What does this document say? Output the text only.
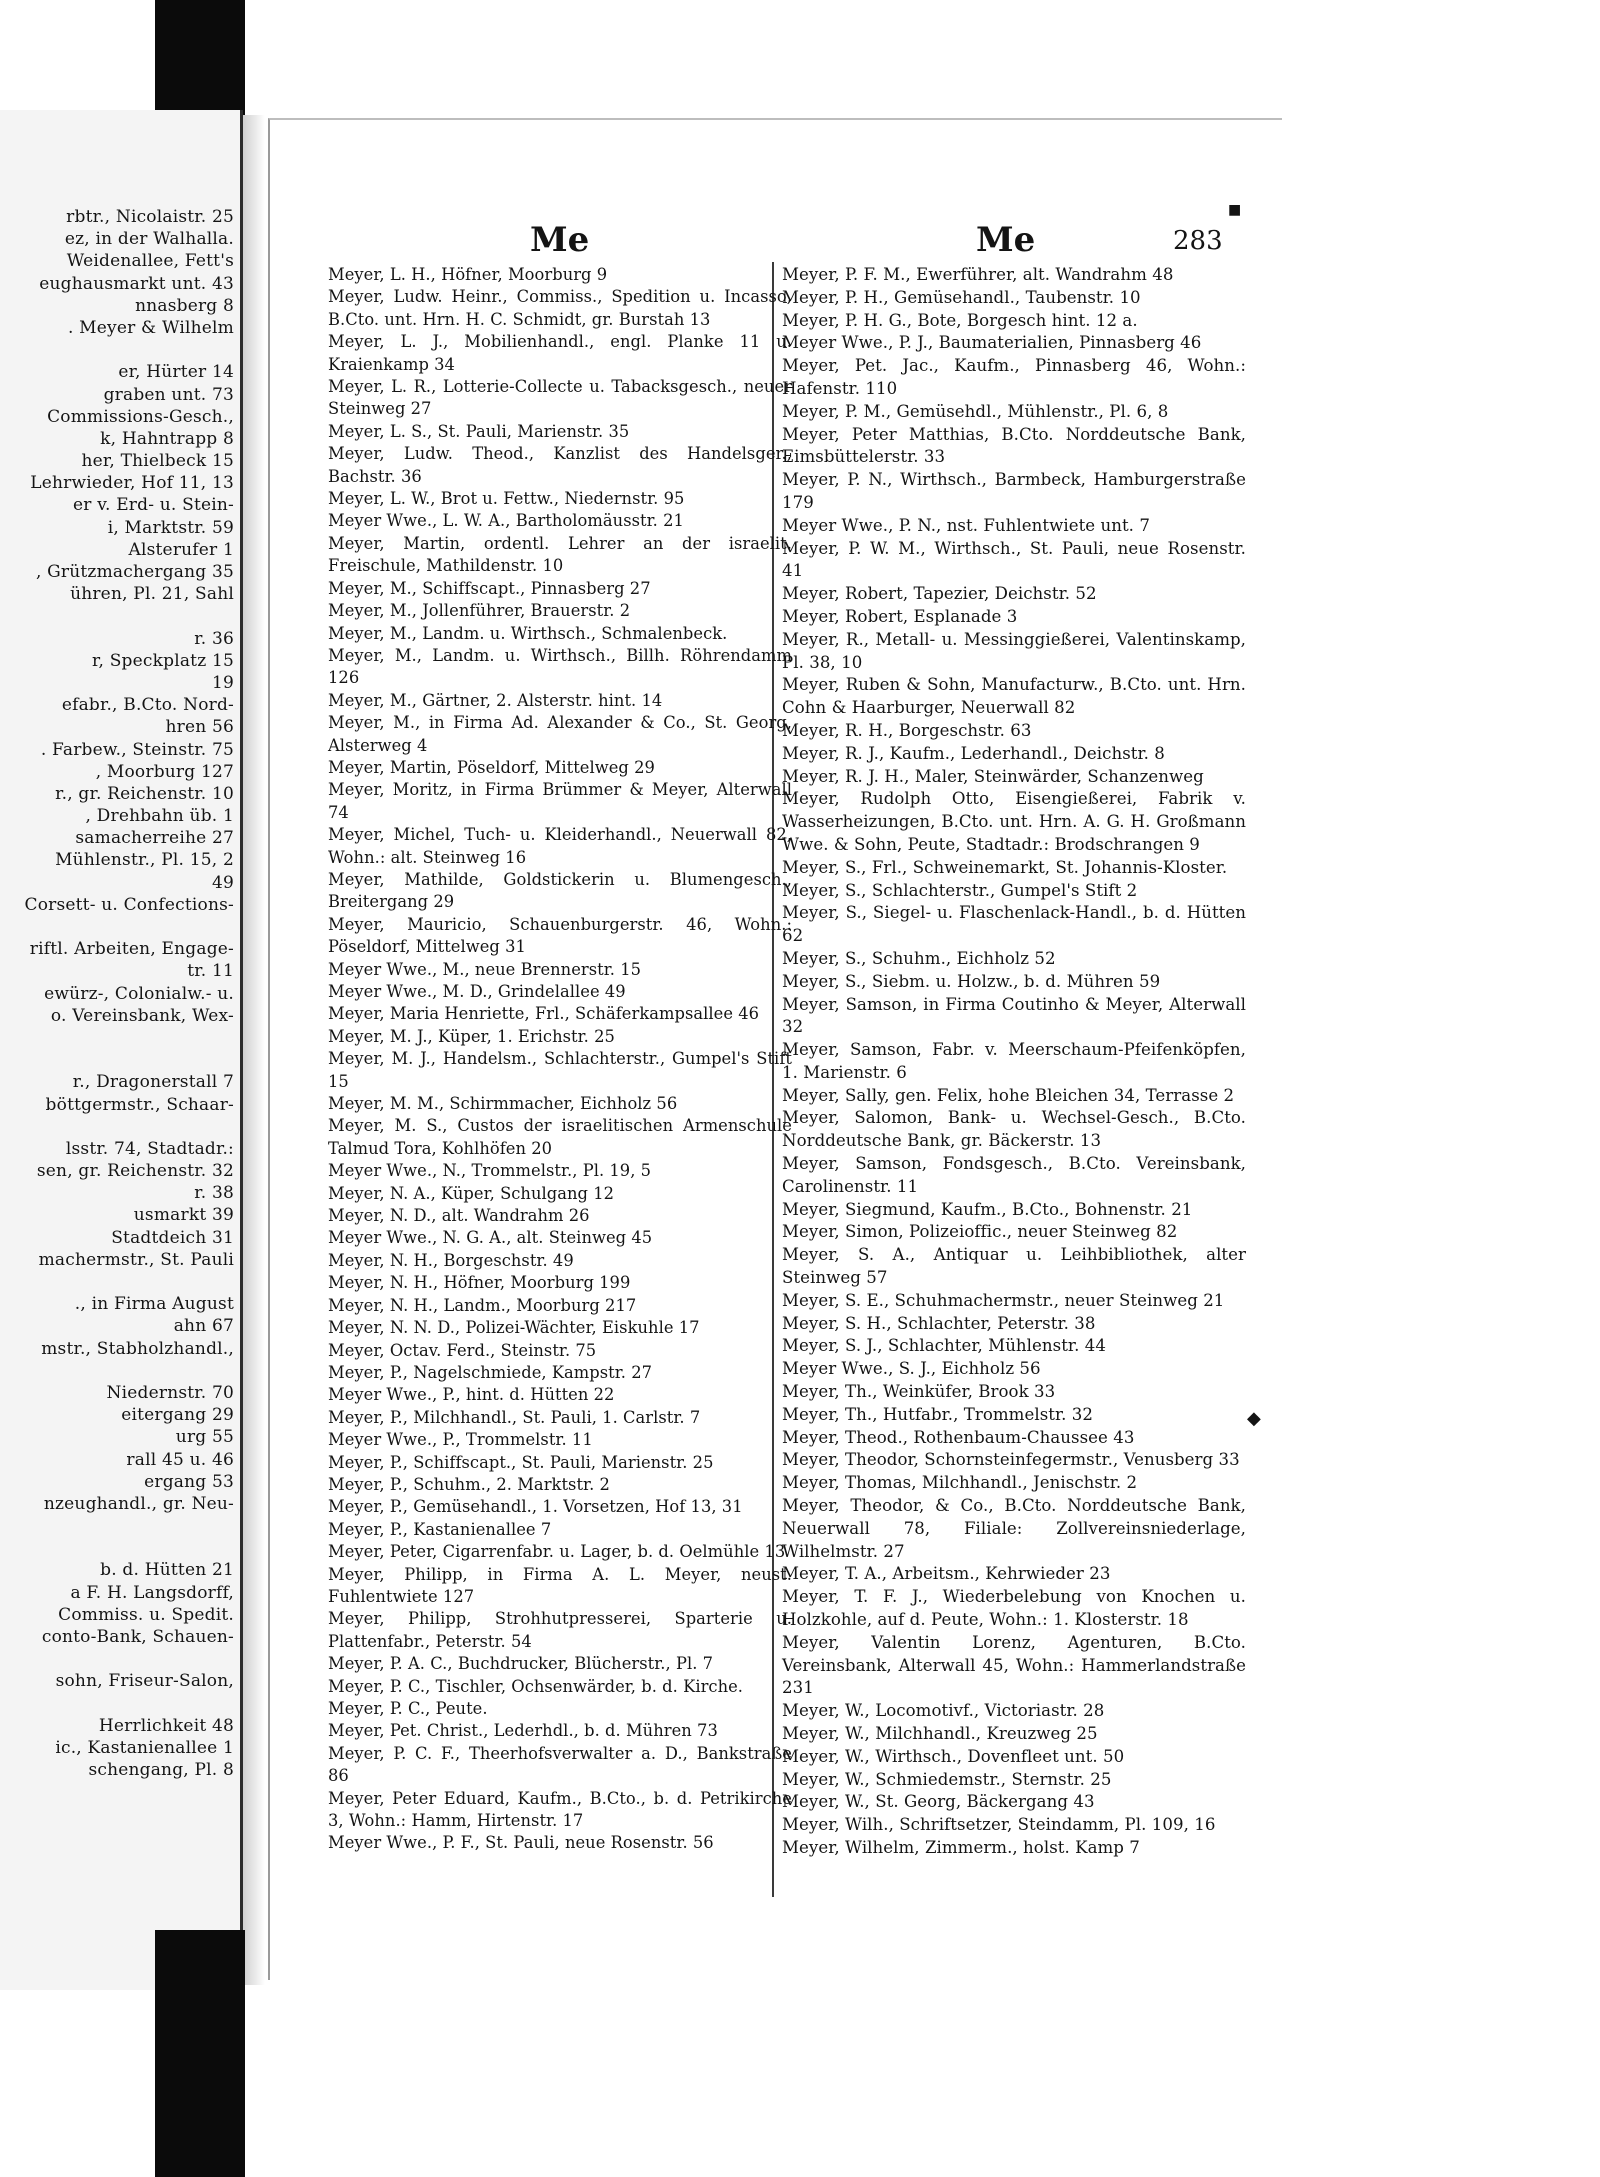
rbtr., Nicolaistr. 25
ez, in der Walhalla.
Weidenallee, Fett's
eughausmarkt unt. 43
nnasberg 8
. Meyer & Wilhelm

er, Hürter 14
graben unt. 73
Commissions-Gesch.,
k, Hahntrapp 8
her, Thielbeck 15
Lehrwieder, Hof 11, 13
er v. Erd- u. Stein-
i, Marktstr. 59
Alsterufer 1
, Grützmachergang 35
ühren, Pl. 21, Sahl

r. 36
r, Speckplatz 15
19
efabr., B.Cto. Nord-
hren 56
. Farbew., Steinstr. 75
, Moorburg 127
r., gr. Reichenstr. 10
, Drehbahn üb. 1
samacherreihe 27
Mühlenstr., Pl. 15, 2
49
Corsett- u. Confections-

riftl. Arbeiten, Engage-
tr. 11
ewürz-, Colonialw.- u.
o. Vereinsbank, Wex-

r., Dragonerstall 7
böttgermstr., Schaar-

lsstr. 74, Stadtadr.:
sen, gr. Reichenstr. 32
r. 38
usmarkt 39
Stadtdeich 31
machermstr., St. Pauli

., in Firma August
ahn 67
mstr., Stabholzhandl.,

Niedernstr. 70
eitergang 29
urg 55
rall 45 u. 46
ergang 53
nzeughandl., gr. Neu-

b. d. Hütten 21
a F. H. Langsdorff,
Commiss. u. Spedit.
conto-Bank, Schauen-

sohn, Friseur-Salon,

Herrlichkeit 48
ic., Kastanienallee 1
schengang, Pl. 8
■
Me	Me	283
Meyer, L. H., Höfner, Moorburg 9
Meyer, Ludw. Heinr., Commiss., Spedition u. Incasso, B.Cto. unt. Hrn. H. C. Schmidt, gr. Burstah 13
Meyer, L. J., Mobilienhandl., engl. Planke 11 u. Kraienkamp 34
Meyer, L. R., Lotterie-Collecte u. Tabacksgesch., neuer Steinweg 27
Meyer, L. S., St. Pauli, Marienstr. 35
Meyer, Ludw. Theod., Kanzlist des Handelsger., Bachstr. 36
Meyer, L. W., Brot u. Fettw., Niedernstr. 95
Meyer Wwe., L. W. A., Bartholomäusstr. 21
Meyer, Martin, ordentl. Lehrer an der israelit. Freischule, Mathildenstr. 10
Meyer, M., Schiffscapt., Pinnasberg 27
Meyer, M., Jollenführer, Brauerstr. 2
Meyer, M., Landm. u. Wirthsch., Schmalenbeck.
Meyer, M., Landm. u. Wirthsch., Billh. Röhrendamm 126
Meyer, M., Gärtner, 2. Alsterstr. hint. 14
Meyer, M., in Firma Ad. Alexander & Co., St. Georg, Alsterweg 4
Meyer, Martin, Pöseldorf, Mittelweg 29
Meyer, Moritz, in Firma Brümmer & Meyer, Alterwall 74
Meyer, Michel, Tuch- u. Kleiderhandl., Neuerwall 82, Wohn.: alt. Steinweg 16
Meyer, Mathilde, Goldstickerin u. Blumengesch., Breitergang 29
Meyer, Mauricio, Schauenburgerstr. 46, Wohn.: Pöseldorf, Mittelweg 31
Meyer Wwe., M., neue Brennerstr. 15
Meyer Wwe., M. D., Grindelallee 49
Meyer, Maria Henriette, Frl., Schäferkampsallee 46
Meyer, M. J., Küper, 1. Erichstr. 25
Meyer, M. J., Handelsm., Schlachterstr., Gumpel's Stift 15
Meyer, M. M., Schirmmacher, Eichholz 56
Meyer, M. S., Custos der israelitischen Armenschule Talmud Tora, Kohlhöfen 20
Meyer Wwe., N., Trommelstr., Pl. 19, 5
Meyer, N. A., Küper, Schulgang 12
Meyer, N. D., alt. Wandrahm 26
Meyer Wwe., N. G. A., alt. Steinweg 45
Meyer, N. H., Borgeschstr. 49
Meyer, N. H., Höfner, Moorburg 199
Meyer, N. H., Landm., Moorburg 217
Meyer, N. N. D., Polizei-Wächter, Eiskuhle 17
Meyer, Octav. Ferd., Steinstr. 75
Meyer, P., Nagelschmiede, Kampstr. 27
Meyer Wwe., P., hint. d. Hütten 22
Meyer, P., Milchhandl., St. Pauli, 1. Carlstr. 7
Meyer Wwe., P., Trommelstr. 11
Meyer, P., Schiffscapt., St. Pauli, Marienstr. 25
Meyer, P., Schuhm., 2. Marktstr. 2
Meyer, P., Gemüsehandl., 1. Vorsetzen, Hof 13, 31
Meyer, P., Kastanienallee 7
Meyer, Peter, Cigarrenfabr. u. Lager, b. d. Oelmühle 13
Meyer, Philipp, in Firma A. L. Meyer, neust. Fuhlentwiete 127
Meyer, Philipp, Strohhutpresserei, Sparterie u. Plattenfabr., Peterstr. 54
Meyer, P. A. C., Buchdrucker, Blücherstr., Pl. 7
Meyer, P. C., Tischler, Ochsenwärder, b. d. Kirche.
Meyer, P. C., Peute.
Meyer, Pet. Christ., Lederhdl., b. d. Mühren 73
Meyer, P. C. F., Theerhofsverwalter a. D., Bankstraße 86
Meyer, Peter Eduard, Kaufm., B.Cto., b. d. Petrikirche 3, Wohn.: Hamm, Hirtenstr. 17
Meyer Wwe., P. F., St. Pauli, neue Rosenstr. 56
Meyer, P. F. M., Ewerführer, alt. Wandrahm 48
Meyer, P. H., Gemüsehandl., Taubenstr. 10
Meyer, P. H. G., Bote, Borgesch hint. 12 a.
Meyer Wwe., P. J., Baumaterialien, Pinnasberg 46
Meyer, Pet. Jac., Kaufm., Pinnasberg 46, Wohn.: Hafenstr. 110
Meyer, P. M., Gemüsehdl., Mühlenstr., Pl. 6, 8
Meyer, Peter Matthias, B.Cto. Norddeutsche Bank, Eimsbüttelerstr. 33
Meyer, P. N., Wirthsch., Barmbeck, Hamburgerstraße 179
Meyer Wwe., P. N., nst. Fuhlentwiete unt. 7
Meyer, P. W. M., Wirthsch., St. Pauli, neue Rosenstr. 41
Meyer, Robert, Tapezier, Deichstr. 52
Meyer, Robert, Esplanade 3
Meyer, R., Metall- u. Messinggießerei, Valentinskamp, Pl. 38, 10
Meyer, Ruben & Sohn, Manufacturw., B.Cto. unt. Hrn. Cohn & Haarburger, Neuerwall 82
Meyer, R. H., Borgeschstr. 63
Meyer, R. J., Kaufm., Lederhandl., Deichstr. 8
Meyer, R. J. H., Maler, Steinwärder, Schanzenweg
Meyer, Rudolph Otto, Eisengießerei, Fabrik v. Wasserheizungen, B.Cto. unt. Hrn. A. G. H. Großmann Wwe. & Sohn, Peute, Stadtadr.: Brodschrangen 9
Meyer, S., Frl., Schweinemarkt, St. Johannis-Kloster.
Meyer, S., Schlachterstr., Gumpel's Stift 2
Meyer, S., Siegel- u. Flaschenlack-Handl., b. d. Hütten 62
Meyer, S., Schuhm., Eichholz 52
Meyer, S., Siebm. u. Holzw., b. d. Mühren 59
Meyer, Samson, in Firma Coutinho & Meyer, Alterwall 32
Meyer, Samson, Fabr. v. Meerschaum-Pfeifenköpfen, 1. Marienstr. 6
Meyer, Sally, gen. Felix, hohe Bleichen 34, Terrasse 2
Meyer, Salomon, Bank- u. Wechsel-Gesch., B.Cto. Norddeutsche Bank, gr. Bäckerstr. 13
Meyer, Samson, Fondsgesch., B.Cto. Vereinsbank, Carolinenstr. 11
Meyer, Siegmund, Kaufm., B.Cto., Bohnenstr. 21
Meyer, Simon, Polizeioffic., neuer Steinweg 82
Meyer, S. A., Antiquar u. Leihbibliothek, alter Steinweg 57
Meyer, S. E., Schuhmachermstr., neuer Steinweg 21
Meyer, S. H., Schlachter, Peterstr. 38
Meyer, S. J., Schlachter, Mühlenstr. 44
Meyer Wwe., S. J., Eichholz 56
Meyer, Th., Weinküfer, Brook 33
Meyer, Th., Hutfabr., Trommelstr. 32
Meyer, Theod., Rothenbaum-Chaussee 43
Meyer, Theodor, Schornsteinfegermstr., Venusberg 33
Meyer, Thomas, Milchhandl., Jenischstr. 2
Meyer, Theodor, & Co., B.Cto. Norddeutsche Bank, Neuerwall 78, Filiale: Zollvereinsniederlage, Wilhelmstr. 27
Meyer, T. A., Arbeitsm., Kehrwieder 23
Meyer, T. F. J., Wiederbelebung von Knochen u. Holzkohle, auf d. Peute, Wohn.: 1. Klosterstr. 18
Meyer, Valentin Lorenz, Agenturen, B.Cto. Vereinsbank, Alterwall 45, Wohn.: Hammerlandstraße 231
Meyer, W., Locomotivf., Victoriastr. 28
Meyer, W., Milchhandl., Kreuzweg 25
Meyer, W., Wirthsch., Dovenfleet unt. 50
Meyer, W., Schmiedemstr., Sternstr. 25
Meyer, W., St. Georg, Bäckergang 43
Meyer, Wilh., Schriftsetzer, Steindamm, Pl. 109, 16
Meyer, Wilhelm, Zimmerm., holst. Kamp 7
◆
